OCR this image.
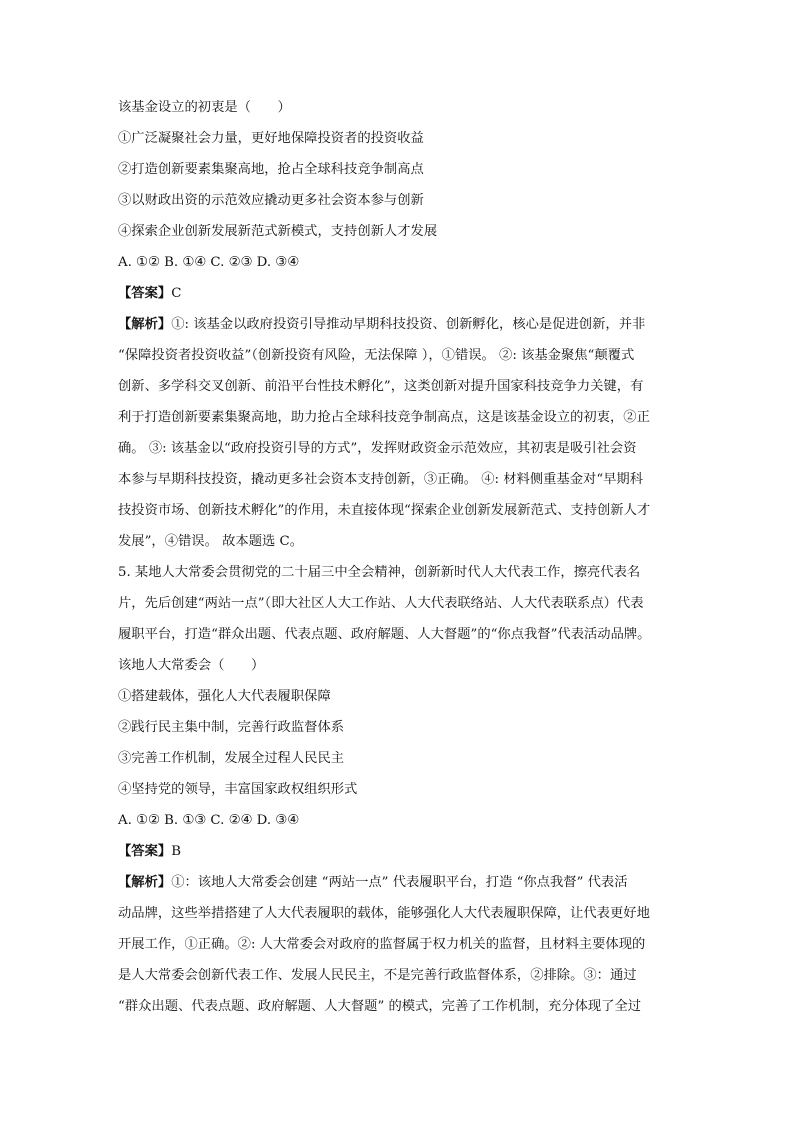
该基金设立的初衷是（　　）
①广泛凝聚社会力量，更好地保障投资者的投资收益
②打造创新要素集聚高地，抢占全球科技竞争制高点
③以财政出资的示范效应撬动更多社会资本参与创新
④探索企业创新发展新范式新模式，支持创新人才发展
A. ①② B. ①④ C. ②③ D. ③④
【答案】C
【解析】①: 该基金以政府投资引导推动早期科技投资、创新孵化，核心是促进创新，并非
“保障投资者投资收益”（创新投资有风险，无法保障 ），①错误。 ②: 该基金聚焦“颠覆式
创新、多学科交叉创新、前沿平台性技术孵化”，这类创新对提升国家科技竞争力关键，有
利于打造创新要素集聚高地，助力抢占全球科技竞争制高点，这是该基金设立的初衷，②正
确。 ③: 该基金以“政府投资引导的方式”，发挥财政资金示范效应，其初衷是吸引社会资
本参与早期科技投资，撬动更多社会资本支持创新，③正确。 ④: 材料侧重基金对“早期科
技投资市场、创新技术孵化”的作用，未直接体现“探索企业创新发展新范式、支持创新人才
发展”，④错误。 故本题选 C。
5. 某地人大常委会贯彻党的二十届三中全会精神，创新新时代人大代表工作，擦亮代表名
片，先后创建“两站一点”（即大社区人大工作站、人大代表联络站、人大代表联系点）代表
履职平台，打造“群众出题、代表点题、政府解题、人大督题”的“你点我督”代表活动品牌。
该地人大常委会（　　）
①搭建载体，强化人大代表履职保障
②践行民主集中制，完善行政监督体系
③完善工作机制，发展全过程人民民主
④坚持党的领导，丰富国家政权组织形式
A. ①② B. ①③ C. ②④ D. ③④
【答案】B
【解析】①：该地人大常委会创建 “两站一点” 代表履职平台，打造 “你点我督” 代表活
动品牌，这些举措搭建了人大代表履职的载体，能够强化人大代表履职保障，让代表更好地
开展工作，①正确。②: 人大常委会对政府的监督属于权力机关的监督，且材料主要体现的
是人大常委会创新代表工作、发展人民民主，不是完善行政监督体系，②排除。③：通过
“群众出题、代表点题、政府解题、人大督题” 的模式，完善了工作机制，充分体现了全过
